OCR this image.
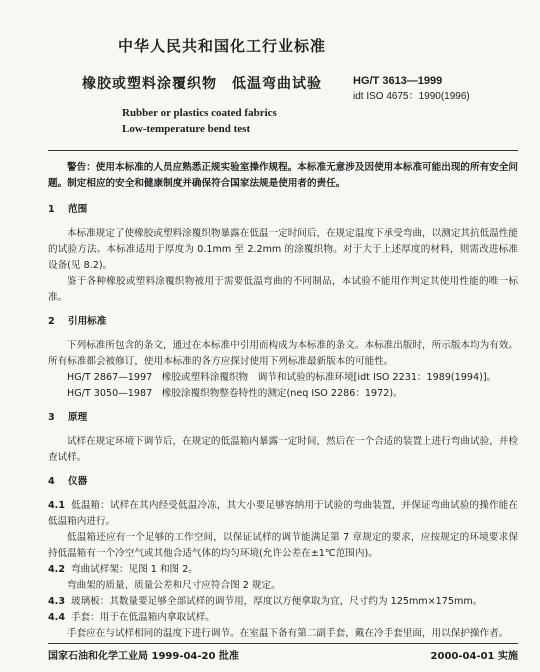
中华人民共和国化工行业标准
橡胶或塑料涂覆织物　低温弯曲试验	HG/T 3613—1999
idt ISO 4675：1990(1996)
Rubber or plastics coated fabrics
Low-temperature bend test

警告：使用本标准的人员应熟悉正规实验室操作规程。本标准无意涉及因使用本标准可能出现的所有安全问题。制定相应的安全和健康制度并确保符合国家法规是使用者的责任。

1 范围

本标准规定了使橡胶或塑料涂覆织物暴露在低温一定时间后，在规定温度下承受弯曲，以测定其抗低温性能的试验方法。本标准适用于厚度为 0.1mm 至 2.2mm 的涂覆织物。对于大于上述厚度的材料，则需改进标准设备(见 8.2)。

鉴于各种橡胶或塑料涂覆织物被用于需要低温弯曲的不同制品，本试验不能用作判定其使用性能的唯一标准。

2 引用标准

下列标准所包含的条文，通过在本标准中引用而构成为本标准的条文。本标准出版时，所示版本均为有效。所有标准都会被修订，使用本标准的各方应探讨使用下列标准最新版本的可能性。

HG/T 2867—1997　橡胶或塑料涂覆织物　调节和试验的标准环境[idt ISO 2231：1989(1994)]。

HG/T 3050—1987　橡胶涂覆织物整卷特性的测定(neq ISO 2286：1972)。

3 原理

试样在规定环境下调节后，在规定的低温箱内暴露一定时间，然后在一个合适的装置上进行弯曲试验，并检查试样。

4 仪器

4.1 低温箱：试样在其内经受低温冷冻，其大小要足够容纳用于试验的弯曲装置，并保证弯曲试验的操作能在低温箱内进行。

低温箱还应有一个足够的工作空间，以保证试样的调节能满足第 7 章规定的要求，应按规定的环境要求保持低温箱有一个冷空气或其他合适气体的均匀环境(允许公差在±1℃范围内)。

4.2 弯曲试样架：见图 1 和图 2。

弯曲架的质量、质量公差和尺寸应符合图 2 规定。

4.3 玻璃板：其数量要足够全部试样的调节用，厚度以方便拿取为宜，尺寸约为 125mm×175mm。

4.4 手套：用于在低温箱内拿取试样。

手套应在与试样相同的温度下进行调节。在室温下备有第二副手套，戴在冷手套里面，用以保护操作者。

国家石油和化学工业局 1999-04-20 批准	2000-04-01 实施
